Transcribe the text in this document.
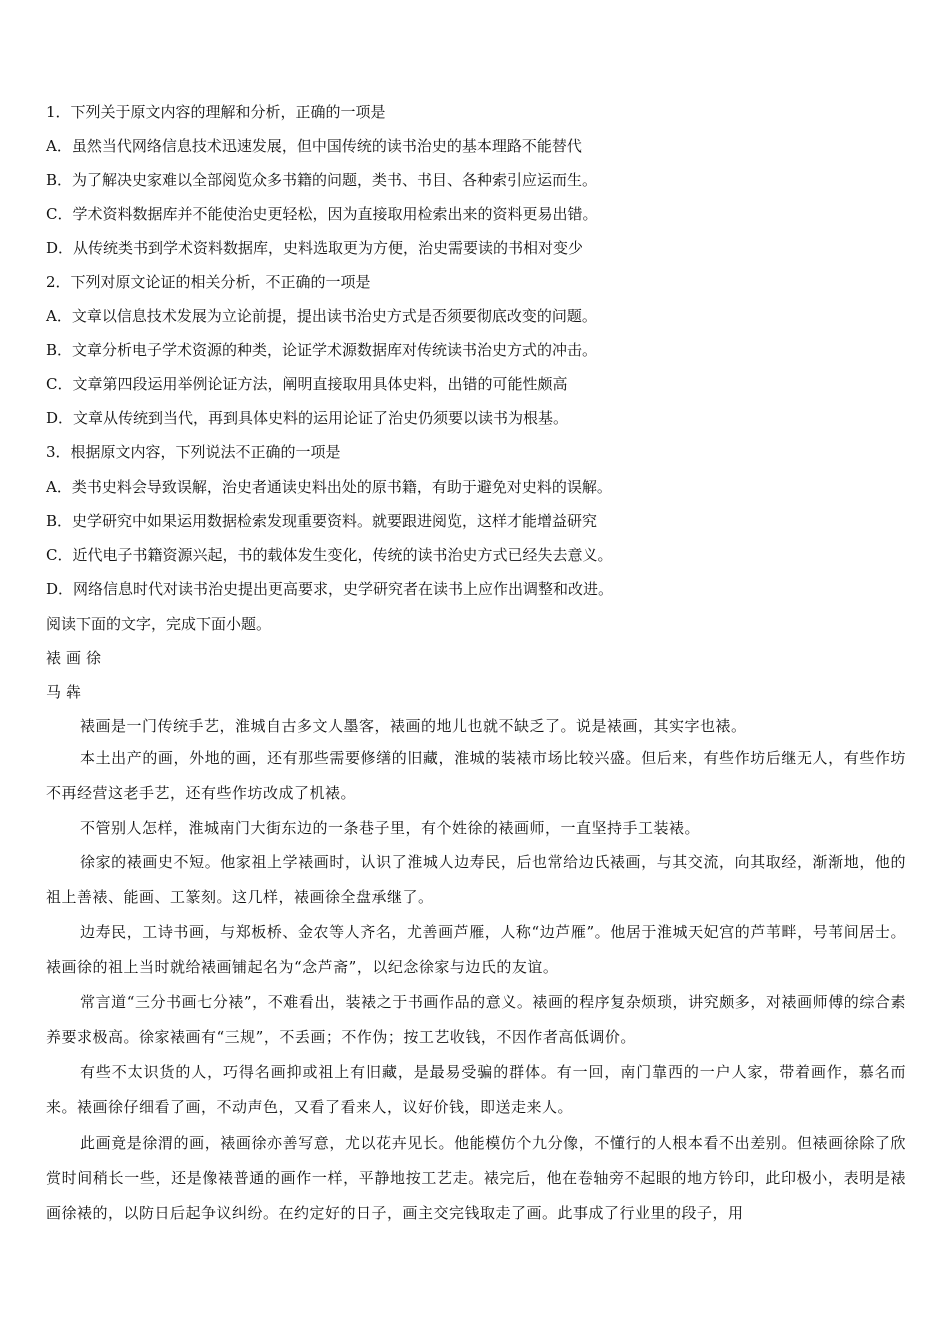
1．下列关于原文内容的理解和分析，正确的一项是
A．虽然当代网络信息技术迅速发展，但中国传统的读书治史的基本理路不能替代
B．为了解决史家难以全部阅览众多书籍的问题，类书、书目、各种索引应运而生。
C．学术资料数据库并不能使治史更轻松，因为直接取用检索出来的资料更易出错。
D．从传统类书到学术资料数据库，史料选取更为方便，治史需要读的书相对变少
2．下列对原文论证的相关分析，不正确的一项是
A．文章以信息技术发展为立论前提，提出读书治史方式是否须要彻底改变的问题。
B．文章分析电子学术资源的种类，论证学术源数据库对传统读书治史方式的冲击。
C．文章第四段运用举例论证方法，阐明直接取用具体史料，出错的可能性颇高
D．文章从传统到当代，再到具体史料的运用论证了治史仍须要以读书为根基。
3．根据原文内容，下列说法不正确的一项是
A．类书史料会导致误解，治史者通读史料出处的原书籍，有助于避免对史料的误解。
B．史学研究中如果运用数据检索发现重要资料。就要跟进阅览，这样才能增益研究
C．近代电子书籍资源兴起，书的载体发生变化，传统的读书治史方式已经失去意义。
D．网络信息时代对读书治史提出更高要求，史学研究者在读书上应作出调整和改进。
阅读下面的文字，完成下面小题。
裱画徐
马犇
裱画是一门传统手艺，淮城自古多文人墨客，裱画的地儿也就不缺乏了。说是裱画，其实字也裱。
本土出产的画，外地的画，还有那些需要修缮的旧藏，淮城的装裱市场比较兴盛。但后来，有些作坊后继无人，有些作坊不再经营这老手艺，还有些作坊改成了机裱。
不管别人怎样，淮城南门大街东边的一条巷子里，有个姓徐的裱画师，一直坚持手工装裱。
徐家的裱画史不短。他家祖上学裱画时，认识了淮城人边寿民，后也常给边氏裱画，与其交流，向其取经，渐渐地，他的祖上善裱、能画、工篆刻。这几样，裱画徐全盘承继了。
边寿民，工诗书画，与郑板桥、金农等人齐名，尤善画芦雁，人称“边芦雁”。他居于淮城天妃宫的芦苇畔，号苇间居士。裱画徐的祖上当时就给裱画铺起名为“念芦斋”，以纪念徐家与边氏的友谊。
常言道“三分书画七分裱”，不难看出，装裱之于书画作品的意义。裱画的程序复杂烦琐，讲究颇多，对裱画师傅的综合素养要求极高。徐家裱画有“三规”，不丢画；不作伪；按工艺收钱，不因作者高低调价。
有些不太识货的人，巧得名画抑或祖上有旧藏，是最易受骗的群体。有一回，南门靠西的一户人家，带着画作，慕名而来。裱画徐仔细看了画，不动声色，又看了看来人，议好价钱，即送走来人。
此画竟是徐渭的画，裱画徐亦善写意，尤以花卉见长。他能模仿个九分像，不懂行的人根本看不出差别。但裱画徐除了欣赏时间稍长一些，还是像裱普通的画作一样，平静地按工艺走。裱完后，他在卷轴旁不起眼的地方钤印，此印极小，表明是裱画徐裱的，以防日后起争议纠纷。在约定好的日子，画主交完钱取走了画。此事成了行业里的段子，用
